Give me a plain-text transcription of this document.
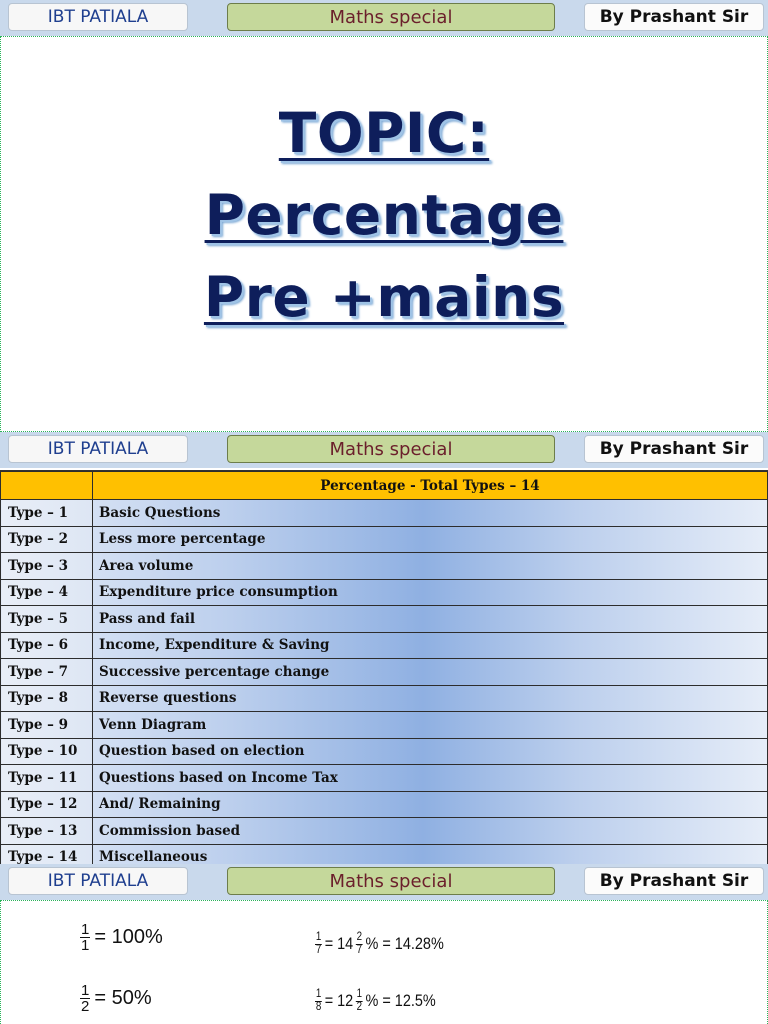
IBT PATIALA	Maths special	By Prashant Sir
TOPIC:
Percentage
Pre +mains
IBT PATIALA	Maths special	By Prashant Sir
	Percentage - Total Types – 14
Type – 1	Basic Questions
Type – 2	Less more percentage
Type – 3	Area volume
Type – 4	Expenditure price consumption
Type – 5	Pass and fail
Type – 6	Income, Expenditure & Saving
Type – 7	Successive percentage change
Type – 8	Reverse questions
Type – 9	Venn Diagram
Type – 10	Question based on election
Type – 11	Questions based on Income Tax
Type – 12	And/ Remaining
Type – 13	Commission based
Type – 14	Miscellaneous
IBT PATIALA	Maths special	By Prashant Sir
$\frac{1}{1} = 100\%$
$\frac{1}{2} = 50\%$
$\frac{1}{7} = 14 \frac{2}{7}$ % = 14.28%
$\frac{1}{8} = 12 \frac{1}{2}$ % = 12.5%
